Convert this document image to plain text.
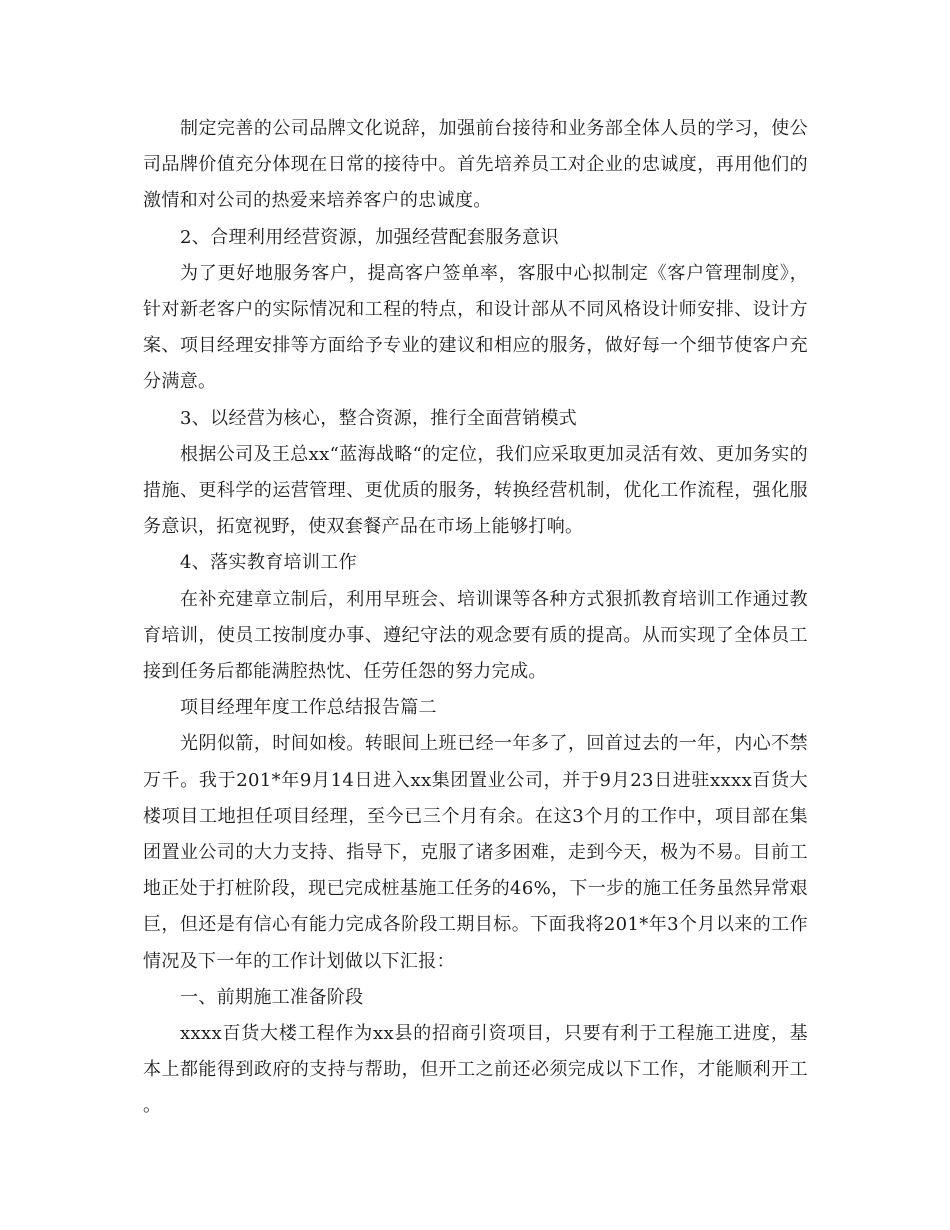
制定完善的公司品牌文化说辞，加强前台接待和业务部全体人员的学习，使公司品牌价值充分体现在日常的接待中。首先培养员工对企业的忠诚度，再用他们的激情和对公司的热爱来培养客户的忠诚度。

2、合理利用经营资源，加强经营配套服务意识

为了更好地服务客户，提高客户签单率，客服中心拟制定《客户管理制度》，针对新老客户的实际情况和工程的特点，和设计部从不同风格设计师安排、设计方案、项目经理安排等方面给予专业的建议和相应的服务，做好每一个细节使客户充分满意。

3、以经营为核心，整合资源，推行全面营销模式

根据公司及王总xx“蓝海战略“的定位，我们应采取更加灵活有效、更加务实的措施、更科学的运营管理、更优质的服务，转换经营机制，优化工作流程，强化服务意识，拓宽视野，使双套餐产品在市场上能够打响。

4、落实教育培训工作

在补充建章立制后，利用早班会、培训课等各种方式狠抓教育培训工作通过教育培训，使员工按制度办事、遵纪守法的观念要有质的提高。从而实现了全体员工接到任务后都能满腔热忱、任劳任怨的努力完成。

项目经理年度工作总结报告篇二

光阴似箭，时间如梭。转眼间上班已经一年多了，回首过去的一年，内心不禁万千。我于201*年9月14日进入xx集团置业公司，并于9月23日进驻xxxx百货大楼项目工地担任项目经理，至今已三个月有余。在这3个月的工作中，项目部在集团置业公司的大力支持、指导下，克服了诸多困难，走到今天，极为不易。目前工地正处于打桩阶段，现已完成桩基施工任务的46%，下一步的施工任务虽然异常艰巨，但还是有信心有能力完成各阶段工期目标。下面我将201*年3个月以来的工作情况及下一年的工作计划做以下汇报：

一、前期施工准备阶段

xxxx百货大楼工程作为xx县的招商引资项目，只要有利于工程施工进度，基本上都能得到政府的支持与帮助，但开工之前还必须完成以下工作，才能顺利开工。
